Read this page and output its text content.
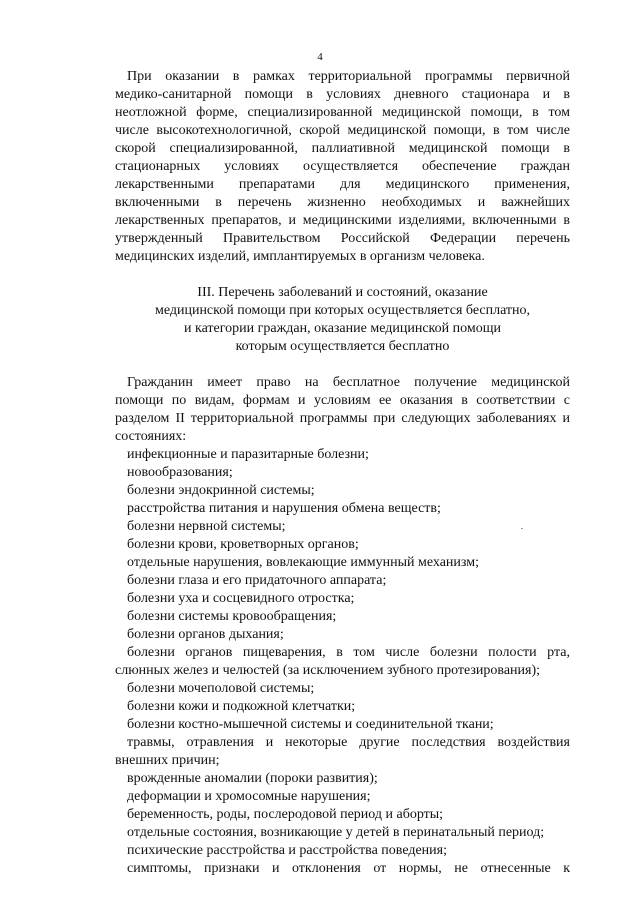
4

При оказании в рамках территориальной программы первичной
медико-санитарной помощи в условиях дневного стационара и в неотложной форме, специализированной медицинской помощи, в том числе высокотехнологичной, скорой медицинской помощи, в том числе скорой специализированной, паллиативной медицинской помощи в стационарных условиях осуществляется обеспечение граждан лекарственными препаратами для медицинского применения, включенными в перечень жизненно необходимых и важнейших лекарственных препаратов, и медицинскими изделиями, включенными в утвержденный Правительством Российской Федерации перечень медицинских изделий, имплантируемых в организм человека.

III. Перечень заболеваний и состояний, оказание
медицинской помощи при которых осуществляется бесплатно,
и категории граждан, оказание медицинской помощи
которым осуществляется бесплатно

Гражданин имеет право на бесплатное получение медицинской
помощи по видам, формам и условиям ее оказания в соответствии с разделом II территориальной программы при следующих заболеваниях и состояниях:

инфекционные и паразитарные болезни;
новообразования;
болезни эндокринной системы;
расстройства питания и нарушения обмена веществ;
болезни нервной системы;
болезни крови, кроветворных органов;
отдельные нарушения, вовлекающие иммунный механизм;
болезни глаза и его придаточного аппарата;
болезни уха и сосцевидного отростка;
болезни системы кровообращения;
болезни органов дыхания;
болезни органов пищеварения, в том числе болезни полости рта, слюнных желез и челюстей (за исключением зубного протезирования);
болезни мочеполовой системы;
болезни кожи и подкожной клетчатки;
болезни костно-мышечной системы и соединительной ткани;
травмы, отравления и некоторые другие последствия воздействия внешних причин;
врожденные аномалии (пороки развития);
деформации и хромосомные нарушения;
беременность, роды, послеродовой период и аборты;
отдельные состояния, возникающие у детей в перинатальный период;
психические расстройства и расстройства поведения;
симптомы, признаки и отклонения от нормы, не отнесенные к
